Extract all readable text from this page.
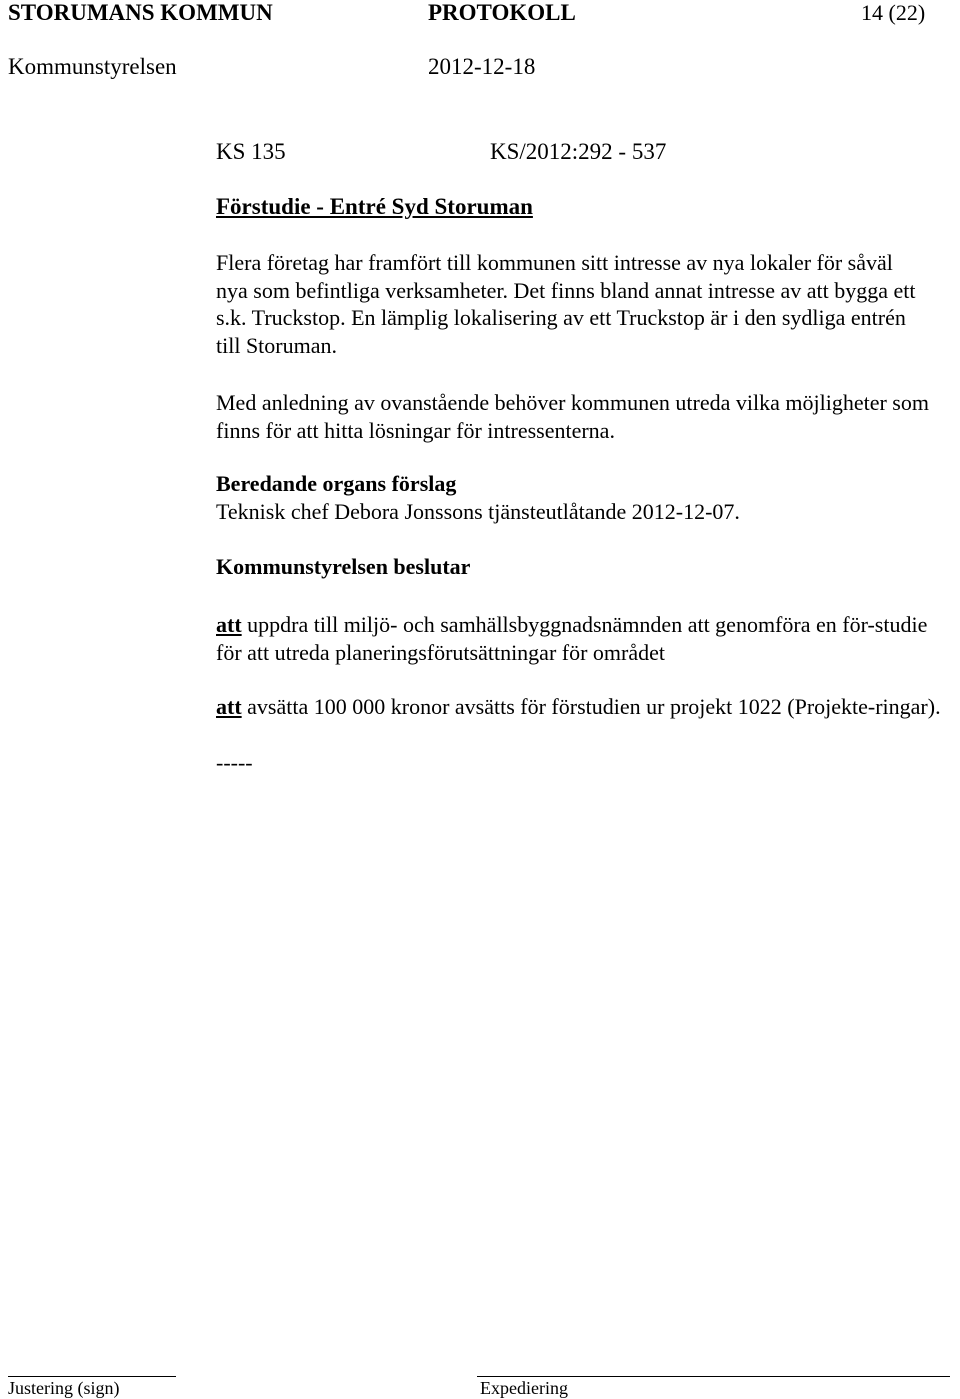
STORUMANS KOMMUN	PROTOKOLL	14 (22)
Kommunstyrelsen	2012-12-18
KS 135	KS/2012:292 - 537
Förstudie - Entré Syd Storuman
Flera företag har framfört till kommunen sitt intresse av nya lokaler för såväl nya som befintliga verksamheter. Det finns bland annat intresse av att bygga ett s.k. Truckstop. En lämplig lokalisering av ett Truckstop är i den sydliga entrén till Storuman.
Med anledning av ovanstående behöver kommunen utreda vilka möjligheter som finns för att hitta lösningar för intressenterna.
Beredande organs förslag
Teknisk chef Debora Jonssons tjänsteutlåtande 2012-12-07.
Kommunstyrelsen beslutar
att uppdra till miljö- och samhällsbyggnadsnämnden att genomföra en för-studie för att utreda planeringsförutsättningar för området
att avsätta 100 000 kronor avsätts för förstudien ur projekt 1022 (Projekte-ringar).
-----
Justering (sign)	Expediering
